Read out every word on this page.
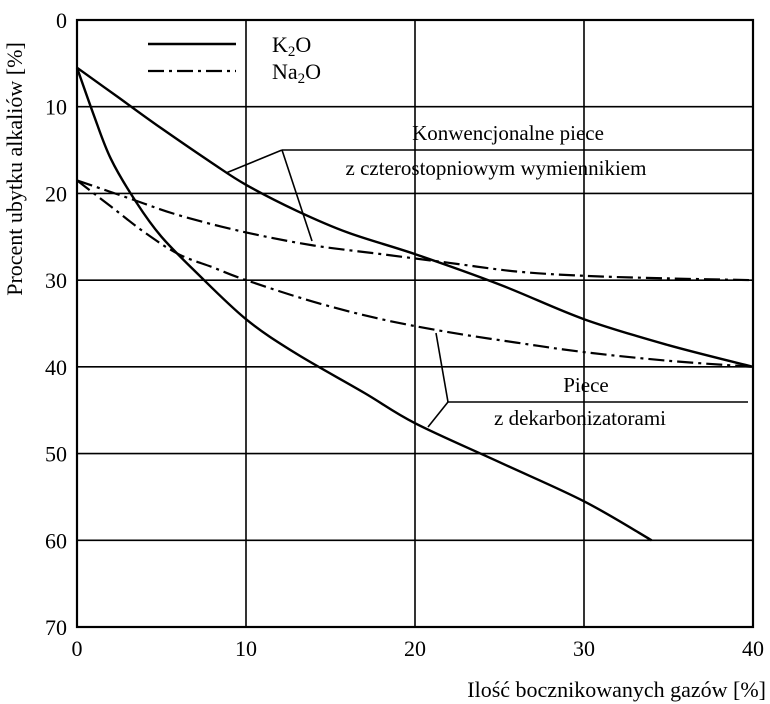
0
10
20
30
40
50
60
70
0	10	20	30	40
Procent ubytku alkaliów [%]
Ilość bocznikowanych gazów [%]
K2O
Na2O
Konwencjonalne piece
z czterostopniowym wymiennikiem
Piece
z dekarbonizatorami
